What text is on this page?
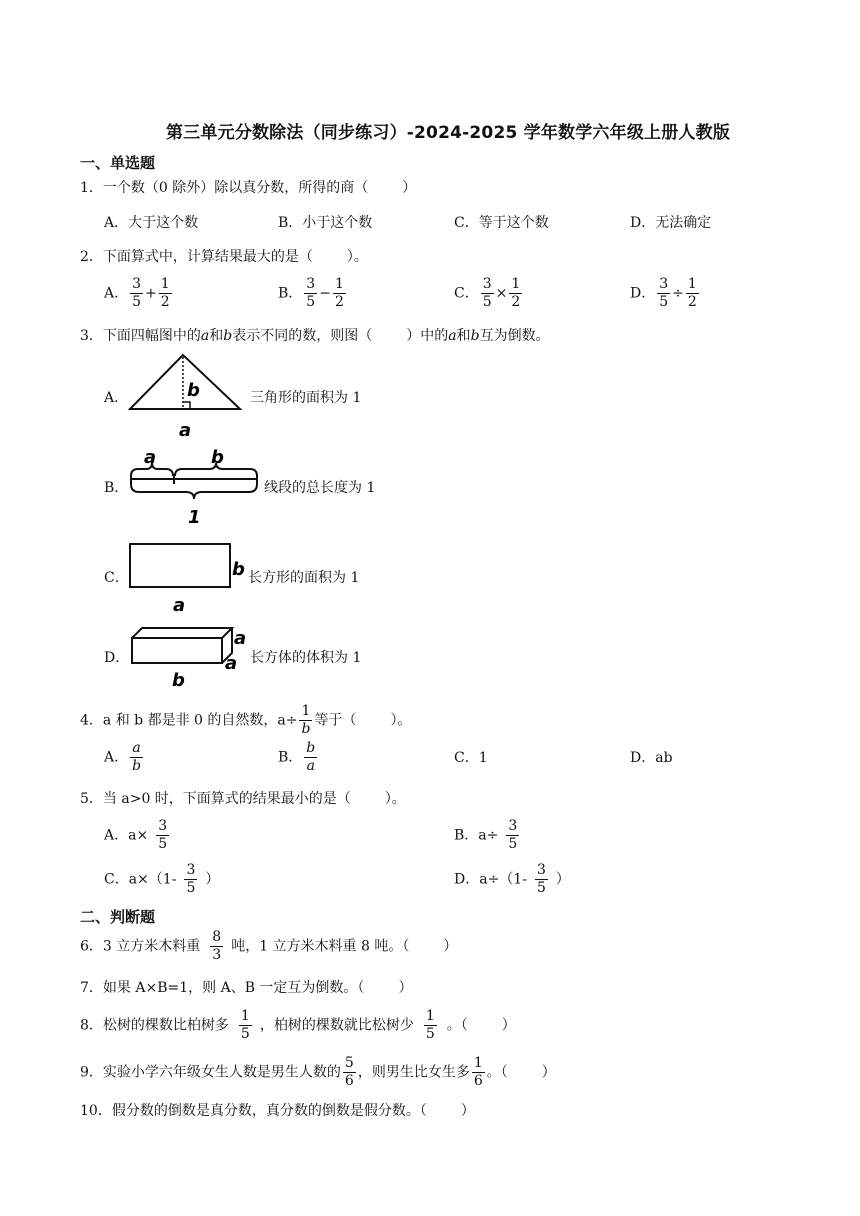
第三单元分数除法（同步练习）-2024-2025 学年数学六年级上册人教版
一、单选题
1．一个数（0 除外）除以真分数，所得的商（ ）
A．大于这个数	B．小于这个数	C．等于这个数	D．无法确定
2．下面算式中，计算结果最大的是（ ）。
A． $\frac{3}{5} + \frac{1}{2}$	B． $\frac{3}{5} - \frac{1}{2}$	C． $\frac{3}{5} \times \frac{1}{2}$	D． $\frac{3}{5} \div \frac{1}{2}$
3．下面四幅图中的a和b表示不同的数，则图（ ）中的a和b互为倒数。
A．	b
a
三角形的面积为 1
B．
a	b
1
线段的总长度为 1
C．	b
a
长方形的面积为 1
D．
a
a
b
长方体的体积为 1
4．a 和 b 都是非 0 的自然数，$a\div \frac{1}{b}$ 等于（ ）。
A． $\frac{a}{b}$	B． $\frac{b}{a}$	C．1	D．ab
5．当 a>0 时，下面算式的结果最小的是（ ）。
A．$a\times \frac{3}{5}$	B．$a\div \frac{3}{5}$
C．$a\times(1- \frac{3}{5}$ ）	D．$a\div(1- \frac{3}{5}$ ）
二、判断题
6．3 立方米木料重 $\frac{8}{3}$ 吨，1 立方米木料重 8 吨。（ ）
7．如果 A×B=1，则 A、B 一定互为倒数。（ ）
8．松树的棵数比柏树多 $\frac{1}{5}$ ，柏树的棵数就比松树少 $\frac{1}{5}$ 。（ ）
9．实验小学六年级女生人数是男生人数的 $\frac{5}{6}$ ，则男生比女生多 $\frac{1}{6}$ 。（ ）
10．假分数的倒数是真分数，真分数的倒数是假分数。（ ）
